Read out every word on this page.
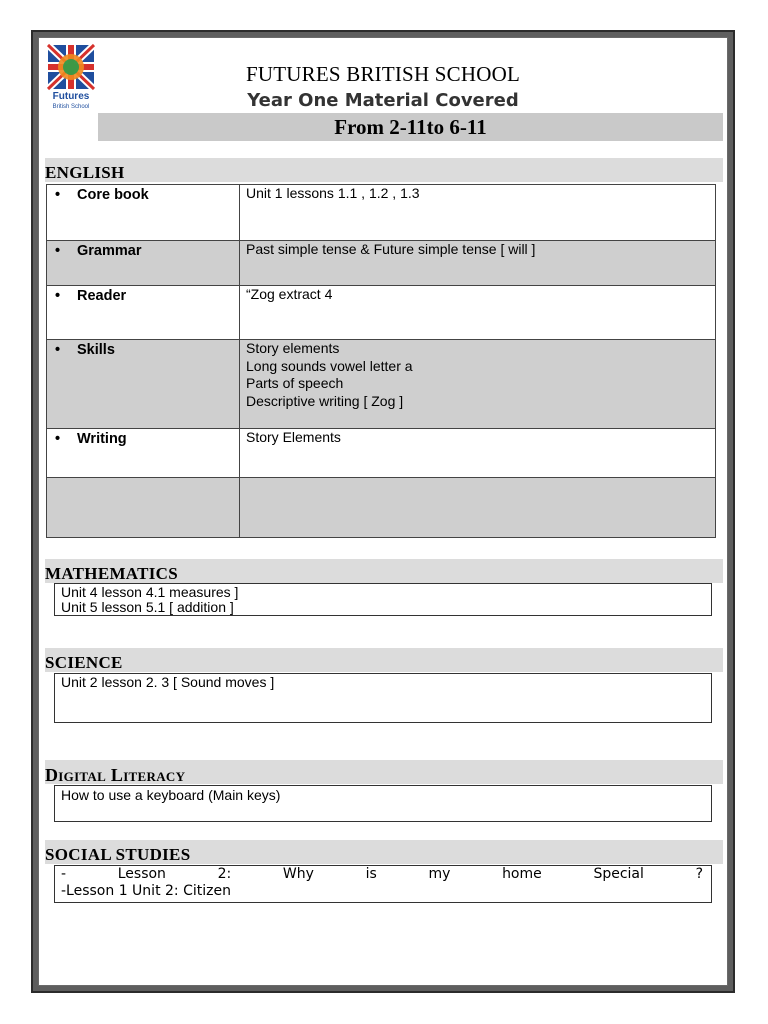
Futures
British School
FUTURES BRITISH SCHOOL
Year One Material Covered
From 2-11to 6-11
ENGLISH
• Core book	Unit 1 lessons 1.1 , 1.2 , 1.3

• Grammar	Past simple tense & Future simple tense [ will ]

• Reader	“Zog extract 4

• Skills	Story elements
Long sounds vowel letter a
Parts of speech
Descriptive writing [ Zog ]

• Writing	Story Elements

MATHEMATICS
Unit 4 lesson 4.1 measures ]
Unit 5 lesson 5.1 [ addition ]
SCIENCE
Unit 2 lesson 2. 3 [ Sound moves ]
Digital Literacy
How to use a keyboard (Main keys)
SOCIAL STUDIES
-	Lesson	2:	Why	is	my	home	Special	?
-Lesson 1 Unit 2: Citizen
